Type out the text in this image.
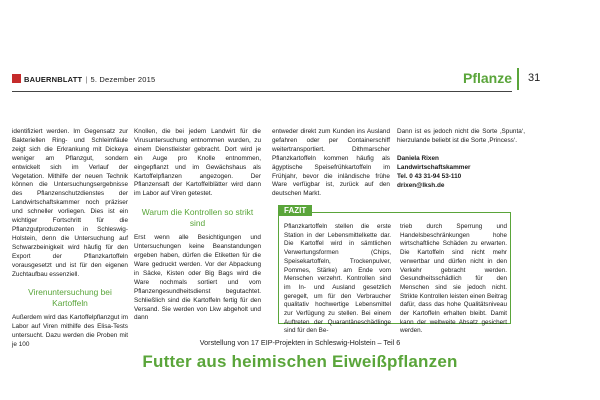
BAUERNBLATT | 5. Dezember 2015	Pflanze 31

identifiziert werden. Im Gegensatz zur Bakteriellen Ring- und Schleimfäule zeigt sich die Erkrankung mit Dickeya weniger am Pflanzgut, sondern entwickelt sich im Verlauf der Vegetation. Mithilfe der neuen Technik können die Untersuchungsergebnisse des Pflanzenschutzdienstes der Landwirtschaftskammer noch präziser und schneller vorliegen. Dies ist ein wichtiger Fortschritt für die Pflanzgutproduzenten in Schleswig-Holstein, denn die Untersuchung auf Schwarzbeinigkeit wird häufig für den Export der Pflanzkartoffeln vorausgesetzt und ist für den eigenen Zuchtaufbau essenziell.

Virenuntersuchung bei Kartoffeln

Außerdem wird das Kartoffelpflanzgut im Labor auf Viren mithilfe des Elisa-Tests untersucht. Dazu werden die Proben mit je 100

Knollen, die bei jedem Landwirt für die Virusuntersuchung entnommen wurden, zu einem Dienstleister gebracht. Dort wird je ein Auge pro Knolle entnommen, eingepflanzt und im Gewächshaus als Kartoffelpflanzen angezogen. Der Pflanzensaft der Kartoffelblätter wird dann im Labor auf Viren getestet.

Warum die Kontrollen so strikt sind

Erst wenn alle Besichtigungen und Untersuchungen keine Beanstandungen ergeben haben, dürfen die Etiketten für die Ware gedruckt werden. Vor der Abpackung in Säcke, Kisten oder Big Bags wird die Ware nochmals sortiert und vom Pflanzengesundheitsdienst begutachtet. Schließlich sind die Kartoffeln fertig für den Versand. Sie werden von Lkw abgeholt und dann

entweder direkt zum Kunden ins Ausland gefahren oder per Containerschiff weitertransportiert. Dithmarscher Pflanzkartoffeln kommen häufig als ägyptische Speisefrühkartoffeln im Frühjahr, bevor die inländische frühe Ware verfügbar ist, zurück auf den deutschen Markt.

Dann ist es jedoch nicht die Sorte ‚Spunta‘, hierzulande beliebt ist die Sorte ‚Princess‘.

Daniela Rixen
Landwirtschaftskammer
Tel. 0 43 31-94 53-110
drixen@lksh.de
FAZIT
Pflanzkartoffeln stellen die erste Station in der Lebensmittelkette dar. Die Kartoffel wird in sämtlichen Verwertungsformen (Chips, Speisekartoffeln, Trockenpulver, Pommes, Stärke) am Ende vom Menschen verzehrt. Kontrollen sind im In- und Ausland gesetzlich geregelt, um für den Verbraucher qualitativ hochwertige Lebensmittel zur Verfügung zu stellen. Bei einem Auftreten der Quarantäneschädlinge sind für den Be-
trieb durch Sperrung und Handelsbeschränkungen hohe wirtschaftliche Schäden zu erwarten. Die Kartoffeln sind nicht mehr verwertbar und dürfen nicht in den Verkehr gebracht werden. Gesundheitsschädlich für den Menschen sind sie jedoch nicht. Strikte Kontrollen leisten einen Beitrag dafür, dass das hohe Qualitätsniveau der Kartoffeln erhalten bleibt. Damit kann der weltweite Absatz gesichert werden.
Vorstellung von 17 EIP-Projekten in Schleswig-Holstein – Teil 6
Futter aus heimischen Eiweißpflanzen
